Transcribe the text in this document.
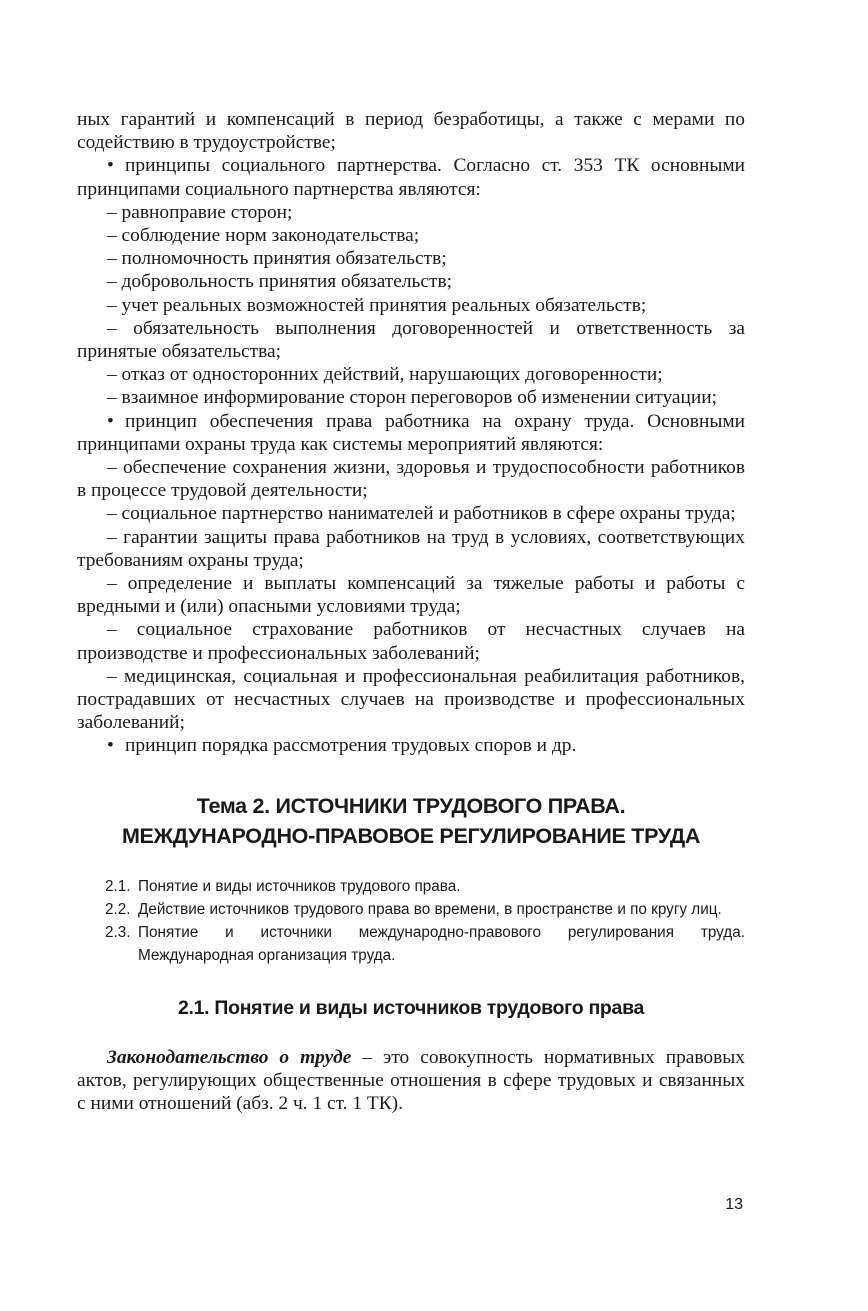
ных гарантий и компенсаций в период безработицы, а также с мерами по содействию в трудоустройстве;

• принципы социального партнерства. Согласно ст. 353 ТК основными принципами социального партнерства являются:

– равноправие сторон;

– соблюдение норм законодательства;

– полномочность принятия обязательств;

– добровольность принятия обязательств;

– учет реальных возможностей принятия реальных обязательств;

– обязательность выполнения договоренностей и ответственность за принятые обязательства;

– отказ от односторонних действий, нарушающих договоренности;

– взаимное информирование сторон переговоров об изменении ситуации;

• принцип обеспечения права работника на охрану труда. Основными принципами охраны труда как системы мероприятий являются:

– обеспечение сохранения жизни, здоровья и трудоспособности работников в процессе трудовой деятельности;

– социальное партнерство нанимателей и работников в сфере охраны труда;

– гарантии защиты права работников на труд в условиях, соответствующих требованиям охраны труда;

– определение и выплаты компенсаций за тяжелые работы и работы с вредными и (или) опасными условиями труда;

– социальное страхование работников от несчастных случаев на производстве и профессиональных заболеваний;

– медицинская, социальная и профессиональная реабилитация работников, пострадавших от несчастных случаев на производстве и профессиональных заболеваний;

• принцип порядка рассмотрения трудовых споров и др.

Тема 2. ИСТОЧНИКИ ТРУДОВОГО ПРАВА.
МЕЖДУНАРОДНО-ПРАВОВОЕ РЕГУЛИРОВАНИЕ ТРУДА
2.1. Понятие и виды источников трудового права.
2.2. Действие источников трудового права во времени, в пространстве и по кругу лиц.
2.3. Понятие и источники международно-правового регулирования труда. Международная организация труда.
2.1. Понятие и виды источников трудового права

Законодательство о труде – это совокупность нормативных правовых актов, регулирующих общественные отношения в сфере трудовых и связанных с ними отношений (абз. 2 ч. 1 ст. 1 ТК).

13
